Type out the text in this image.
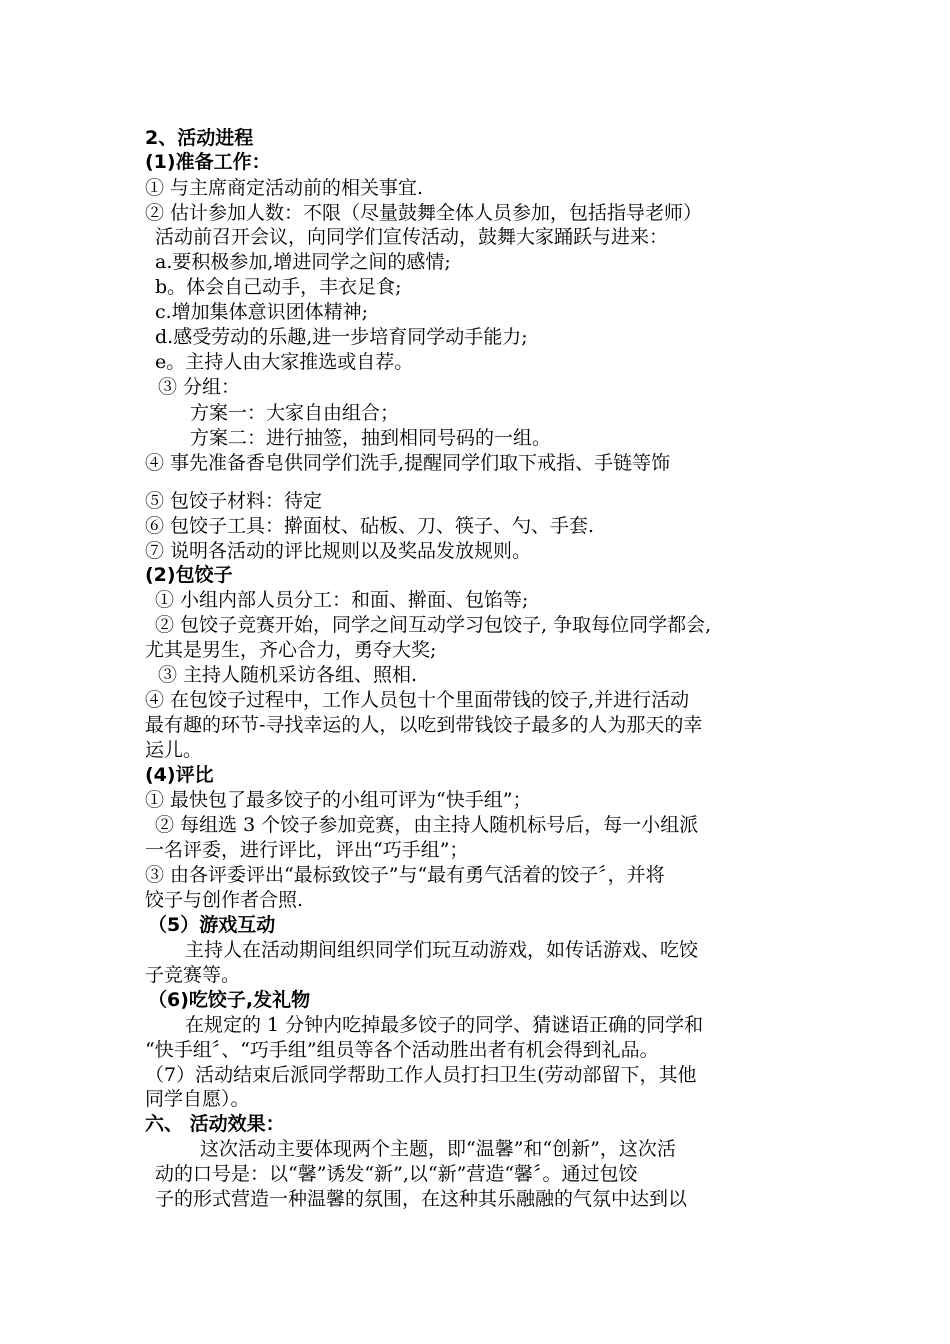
2、活动进程
(1)准备工作：
① 与主席商定活动前的相关事宜.
② 估计参加人数：不限（尽量鼓舞全体人员参加，包括指导老师）
活动前召开会议，向同学们宣传活动，鼓舞大家踊跃与进来：
a.要积极参加,增进同学之间的感情;
b。体会自己动手，丰衣足食;
c.增加集体意识团体精神;
d.感受劳动的乐趣,进一步培育同学动手能力;
e。主持人由大家推选或自荐。
③ 分组：
方案一：大家自由组合；
方案二：进行抽签，抽到相同号码的一组。
④ 事先准备香皂供同学们洗手,提醒同学们取下戒指、手链等饰
⑤ 包饺子材料：待定
⑥ 包饺子工具：擀面杖、砧板、刀、筷子、勺、手套.
⑦ 说明各活动的评比规则以及奖品发放规则。
(2)包饺子
① 小组内部人员分工：和面、擀面、包馅等;
② 包饺子竞赛开始，同学之间互动学习包饺子, 争取每位同学都会,
尤其是男生，齐心合力，勇夺大奖;
③ 主持人随机采访各组、照相.
④ 在包饺子过程中，工作人员包十个里面带钱的饺子,并进行活动
最有趣的环节-寻找幸运的人，以吃到带钱饺子最多的人为那天的幸
运儿。
(4)评比
① 最快包了最多饺子的小组可评为“快手组”；
② 每组选 3 个饺子参加竞赛，由主持人随机标号后，每一小组派
一名评委，进行评比，评出“巧手组”；
③ 由各评委评出“最标致饺子”与“最有勇气活着的饺子〞，并将
饺子与创作者合照.
（5）游戏互动
主持人在活动期间组织同学们玩互动游戏，如传话游戏、吃饺
子竞赛等。
（6)吃饺子,发礼物
在规定的 1 分钟内吃掉最多饺子的同学、猜谜语正确的同学和
“快手组〞、“巧手组”组员等各个活动胜出者有机会得到礼品。
（7）活动结束后派同学帮助工作人员打扫卫生(劳动部留下，其他
同学自愿）。
六、 活动效果：
这次活动主要体现两个主题，即“温馨”和“创新”，这次活
动的口号是：以“馨”诱发“新”,以“新”营造“馨〞。通过包饺
子的形式营造一种温馨的氛围，在这种其乐融融的气氛中达到以
